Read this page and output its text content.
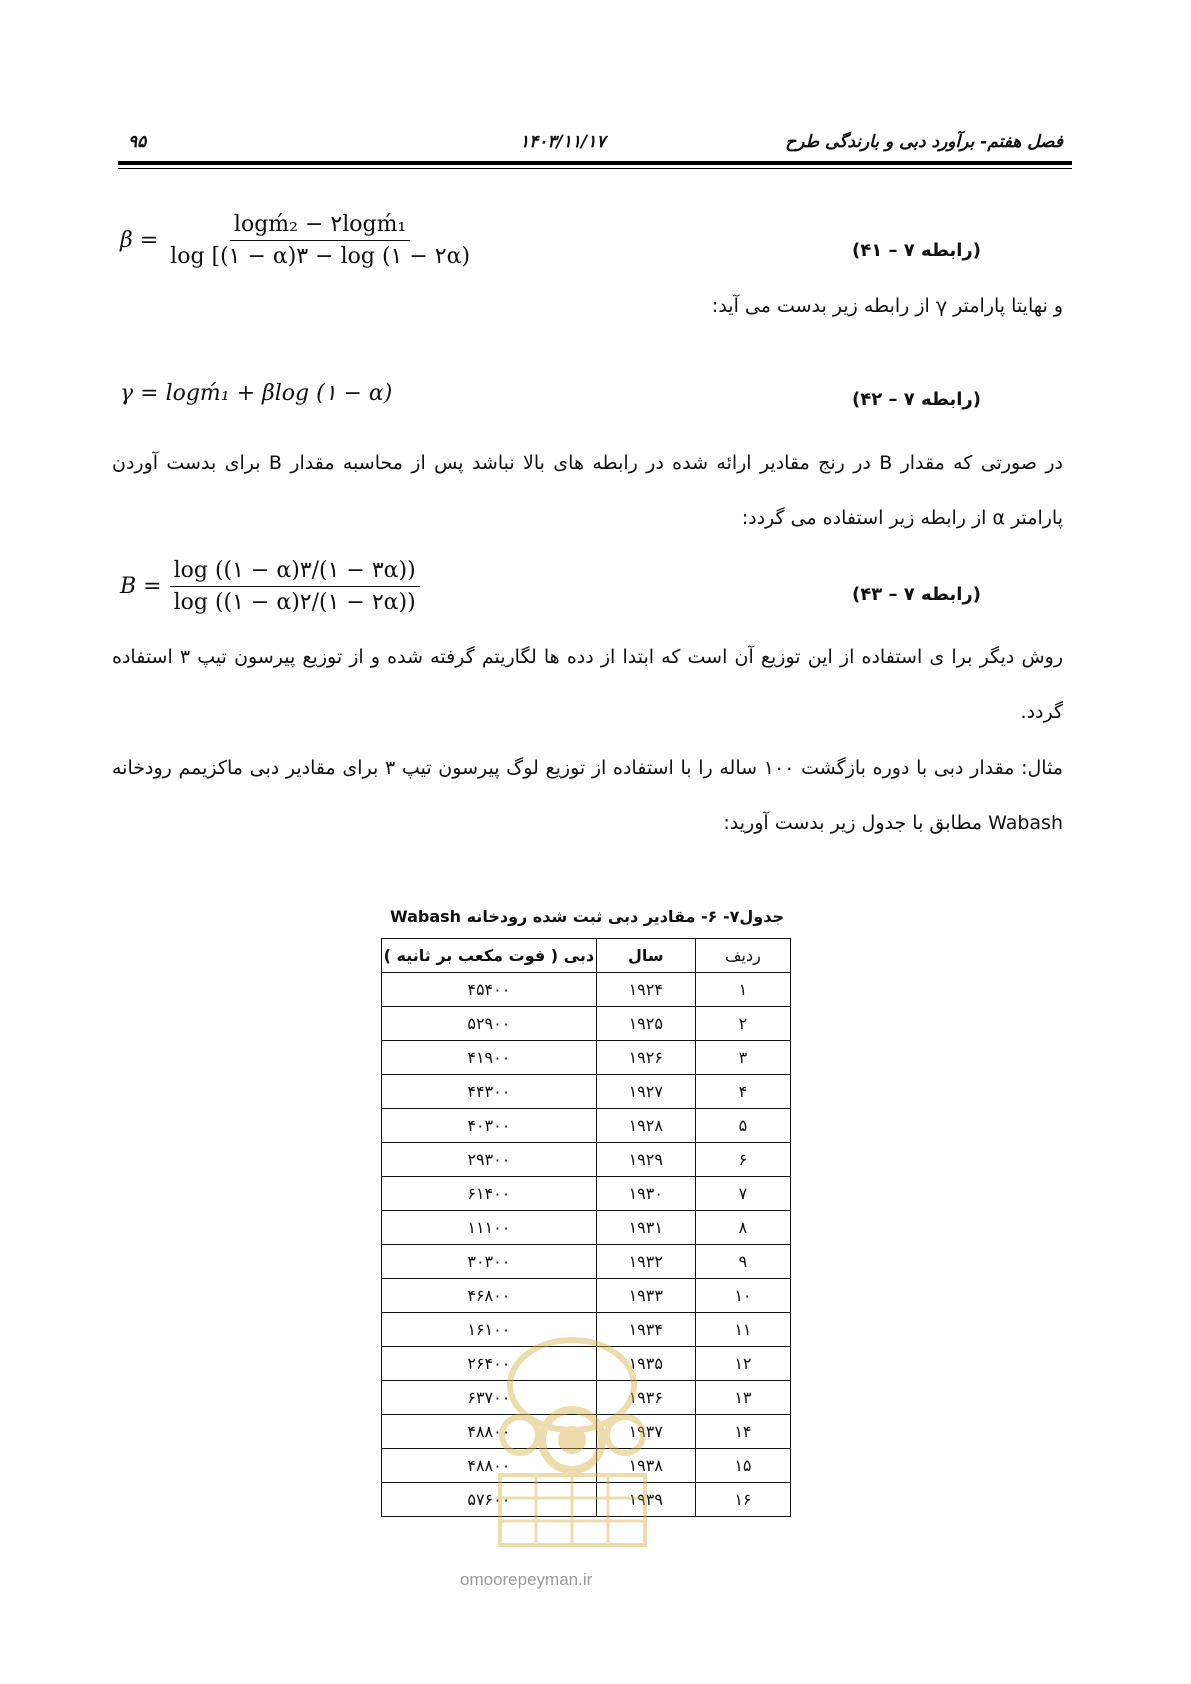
۹۵	۱۴۰۳/۱۱/۱۷	فصل هفتم- برآورد دبی و بارندگی طرح
$\beta = \frac{\text{logḿ₂ − ۲logḿ₁}}{\log [(۱ - \alpha)۳ - \log (۱ - ۲\alpha)}$	(رابطه ۷ – ۴۱)
و نهایتا پارامتر γ از رابطه زیر بدست می آید:
γ = logḿ₁ + βlog (۱ − α)	(رابطه ۷ – ۴۲)
در صورتی که مقدار B در رنج مقادیر ارائه شده در رابطه های بالا نباشد پس از محاسبه مقدار B برای بدست آوردن پارامتر α از رابطه زیر استفاده می گردد:
$B = \frac{\log ((۱ - \alpha)۳/(۱ - ۳\alpha))}{\log ((۱ - \alpha)۲/(۱ - ۲\alpha))}$	(رابطه ۷ – ۴۳)
روش دیگر برا ی استفاده از این توزیع آن است که ابتدا از دده ها لگاریتم گرفته شده و از توزیع پیرسون تیپ ۳ استفاده گردد.
مثال: مقدار دبی با دوره بازگشت ۱۰۰ ساله را با استفاده از توزیع لوگ پیرسون تیپ ۳ برای مقادیر دبی ماکزیمم رودخانه Wabash مطابق با جدول زیر بدست آورید:
جدول۷- ۶- مقادیر دبی ثبت شده رودخانه Wabash
ردیف	سال	دبی ( فوت مکعب بر ثانیه )
۱	۱۹۲۴	۴۵۴۰۰
۲	۱۹۲۵	۵۲۹۰۰
۳	۱۹۲۶	۴۱۹۰۰
۴	۱۹۲۷	۴۴۳۰۰
۵	۱۹۲۸	۴۰۳۰۰
۶	۱۹۲۹	۲۹۳۰۰
۷	۱۹۳۰	۶۱۴۰۰
۸	۱۹۳۱	۱۱۱۰۰
۹	۱۹۳۲	۳۰۳۰۰
۱۰	۱۹۳۳	۴۶۸۰۰
۱۱	۱۹۳۴	۱۶۱۰۰
۱۲	۱۹۳۵	۲۶۴۰۰
۱۳	۱۹۳۶	۶۳۷۰۰
۱۴	۱۹۳۷	۴۸۸۰۰
۱۵	۱۹۳۸	۴۸۸۰۰
۱۶	۱۹۳۹	۵۷۶۰۰
omoorepeyman.ir
